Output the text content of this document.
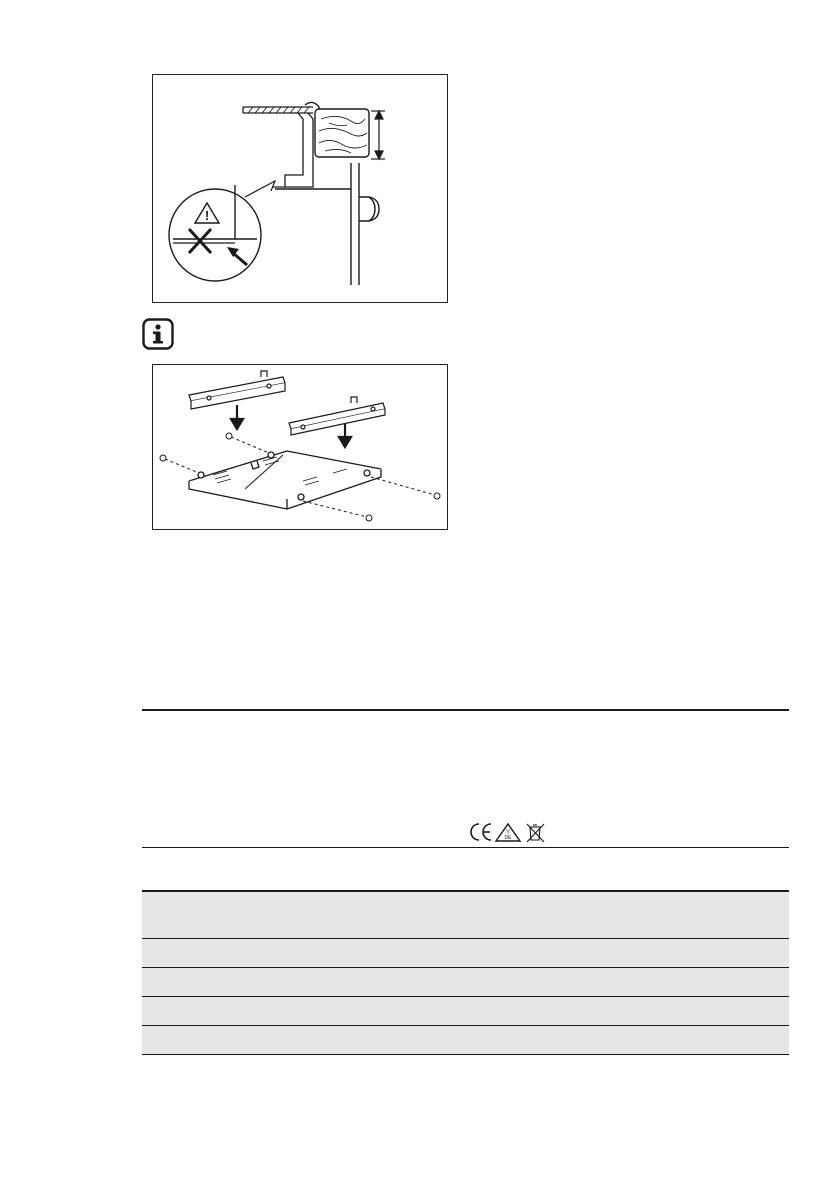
!
V
DE
